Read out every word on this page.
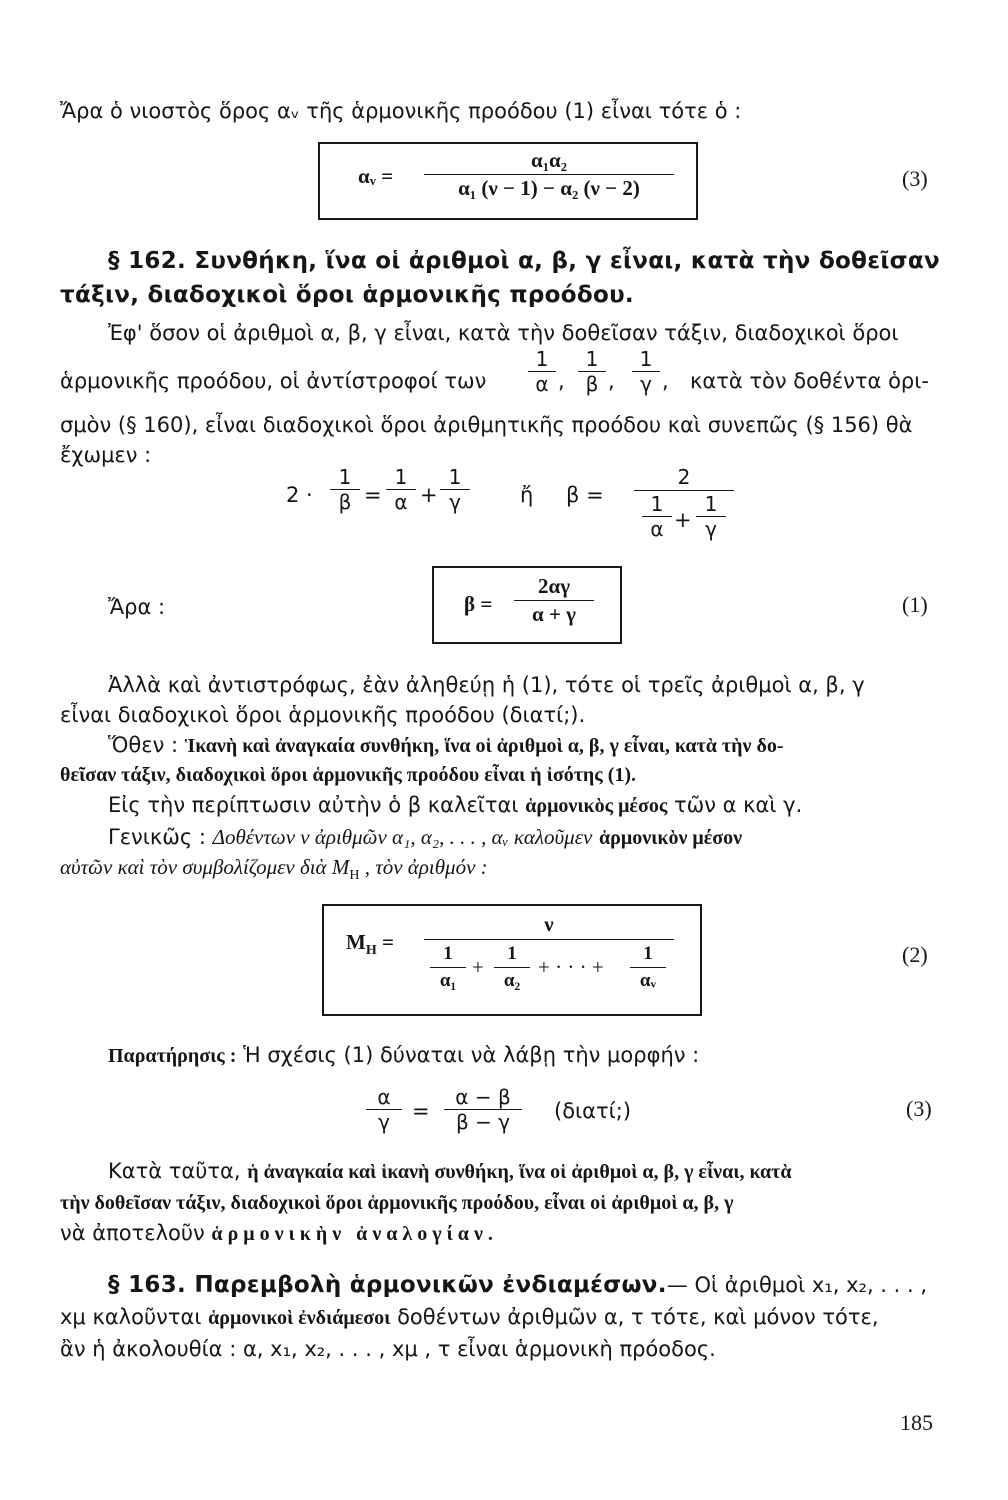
Ἄρα ὁ νιοστὸς ὅρος αᵥ τῆς ἁρμονικῆς προόδου (1) εἶναι τότε ὁ :
αᵥ =
α₁α₂
α₁ (ν − 1) − α₂ (ν − 2)	(3)
§ 162. Συνθήκη, ἵνα οἱ ἀριθμοὶ α, β, γ εἶναι, κατὰ τὴν δοθεῖσαν
τάξιν, διαδοχικοὶ ὅροι ἁρμονικῆς προόδου.
Ἐφ' ὅσον οἱ ἀριθμοὶ α, β, γ εἶναι, κατὰ τὴν δοθεῖσαν τάξιν, διαδοχικοὶ ὅροι
ἁρμονικῆς προόδου, οἱ ἀντίστροφοί των
1
α ,
1
β ,
1
γ , κατὰ τὸν δοθέντα ὁρι-
σμὸν (§ 160), εἶναι διαδοχικοὶ ὅροι ἀριθμητικῆς προόδου καὶ συνεπῶς (§ 156) θὰ
ἔχωμεν :
2 ·
1
β =
1
α +
1
γ	ἤ β =
2
1
α +
1
γ
Ἄρα :	β =
2αγ
α + γ	(1)
Ἀλλὰ καὶ ἀντιστρόφως, ἐὰν ἀληθεύῃ ἡ (1), τότε οἱ τρεῖς ἀριθμοὶ α, β, γ
εἶναι διαδοχικοὶ ὅροι ἁρμονικῆς προόδου (διατί;).
Ὅθεν : Ἱκανὴ καὶ ἀναγκαία συνθήκη, ἵνα οἱ ἀριθμοὶ α, β, γ εἶναι, κατὰ τὴν δο-
θεῖσαν τάξιν, διαδοχικοὶ ὅροι ἁρμονικῆς προόδου εἶναι ἡ ἰσότης (1).
Εἰς τὴν περίπτωσιν αὐτὴν ὁ β καλεῖται ἁρμονικὸς μέσος τῶν α καὶ γ.
Γενικῶς : Δοθέντων ν ἀριθμῶν α₁, α₂, . . . , αᵥ καλοῦμεν ἁρμονικὸν μέσον
αὐτῶν καὶ τὸν συμβολίζομεν διὰ $M_H$ , τὸν ἀριθμόν :
$M_H$ =
ν
1
α₁
+
1
α₂
+ · · · +
1
αᵥ
(2)
Παρατήρησις : Ἡ σχέσις (1) δύναται νὰ λάβῃ τὴν μορφήν :
α
γ	=
α − β
β − γ	(διατί;)	(3)
Κατὰ ταῦτα, ἡ ἀναγκαία καὶ ἱκανὴ συνθήκη, ἵνα οἱ ἀριθμοὶ α, β, γ εἶναι, κατὰ
τὴν δοθεῖσαν τάξιν, διαδοχικοὶ ὅροι ἁρμονικῆς προόδου, εἶναι οἱ ἀριθμοὶ α, β, γ
νὰ ἀποτελοῦν ἁρμονικὴν ἀναλογίαν.
§ 163. Παρεμβολὴ ἁρμονικῶν ἐνδιαμέσων.— Οἱ ἀριθμοὶ x₁, x₂, . . . ,
xμ καλοῦνται ἁρμονικοὶ ἐνδιάμεσοι δοθέντων ἀριθμῶν α, τ τότε, καὶ μόνον τότε,
ἂν ἡ ἀκολουθία : α, x₁, x₂, . . . , xμ , τ εἶναι ἁρμονικὴ πρόοδος.
185
